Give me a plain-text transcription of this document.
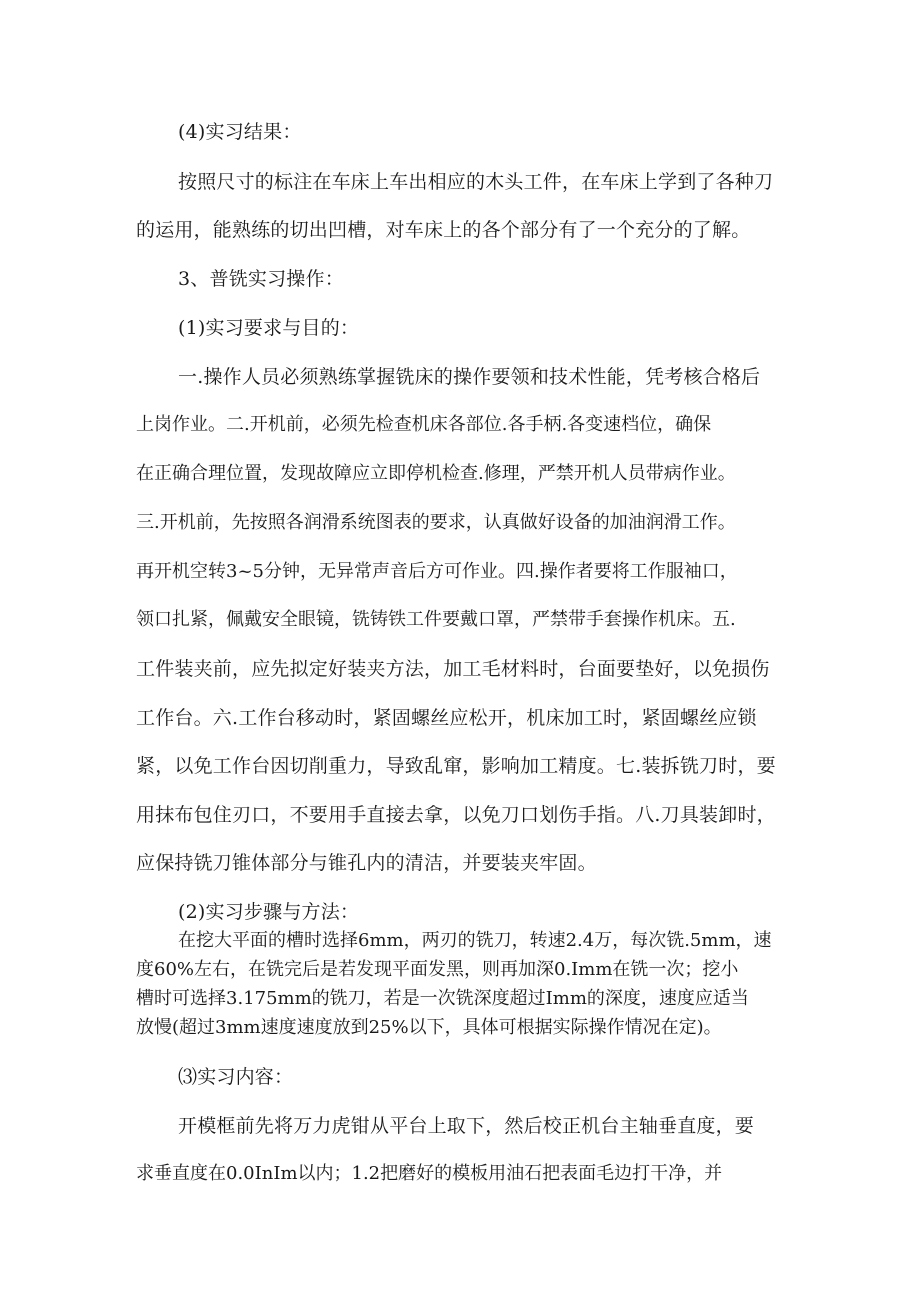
(4)实习结果：
按照尺寸的标注在车床上车出相应的木头工件，在车床上学到了各种刀
的运用，能熟练的切出凹槽，对车床上的各个部分有了一个充分的了解。
3、普铣实习操作：
(1)实习要求与目的：
一.操作人员必须熟练掌握铣床的操作要领和技术性能，凭考核合格后
上岗作业。二.开机前，必须先检查机床各部位.各手柄.各变速档位，确保
在正确合理位置，发现故障应立即停机检查.修理，严禁开机人员带病作业。
三.开机前，先按照各润滑系统图表的要求，认真做好设备的加油润滑工作。
再开机空转3~5分钟，无异常声音后方可作业。四.操作者要将工作服袖口，
领口扎紧，佩戴安全眼镜，铣铸铁工件要戴口罩，严禁带手套操作机床。五.
工件装夹前，应先拟定好装夹方法，加工毛材料时，台面要垫好，以免损伤
工作台。六.工作台移动时，紧固螺丝应松开，机床加工时，紧固螺丝应锁
紧，以免工作台因切削重力，导致乱窜，影响加工精度。七.装拆铣刀时，要
用抹布包住刃口，不要用手直接去拿，以免刀口划伤手指。八.刀具装卸时，
应保持铣刀锥体部分与锥孔内的清洁，并要装夹牢固。
(2)实习步骤与方法：
在挖大平面的槽时选择6mm，两刃的铣刀，转速2.4万，每次铣.5mm，速
度60%左右，在铣完后是若发现平面发黑，则再加深0.Imm在铣一次；挖小
槽时可选择3.175mm的铣刀，若是一次铣深度超过Imm的深度，速度应适当
放慢(超过3mm速度速度放到25%以下，具体可根据实际操作情况在定)。
⑶实习内容：
开模框前先将万力虎钳从平台上取下，然后校正机台主轴垂直度，要
求垂直度在0.0InIm以内；1.2把磨好的模板用油石把表面毛边打干净，并
